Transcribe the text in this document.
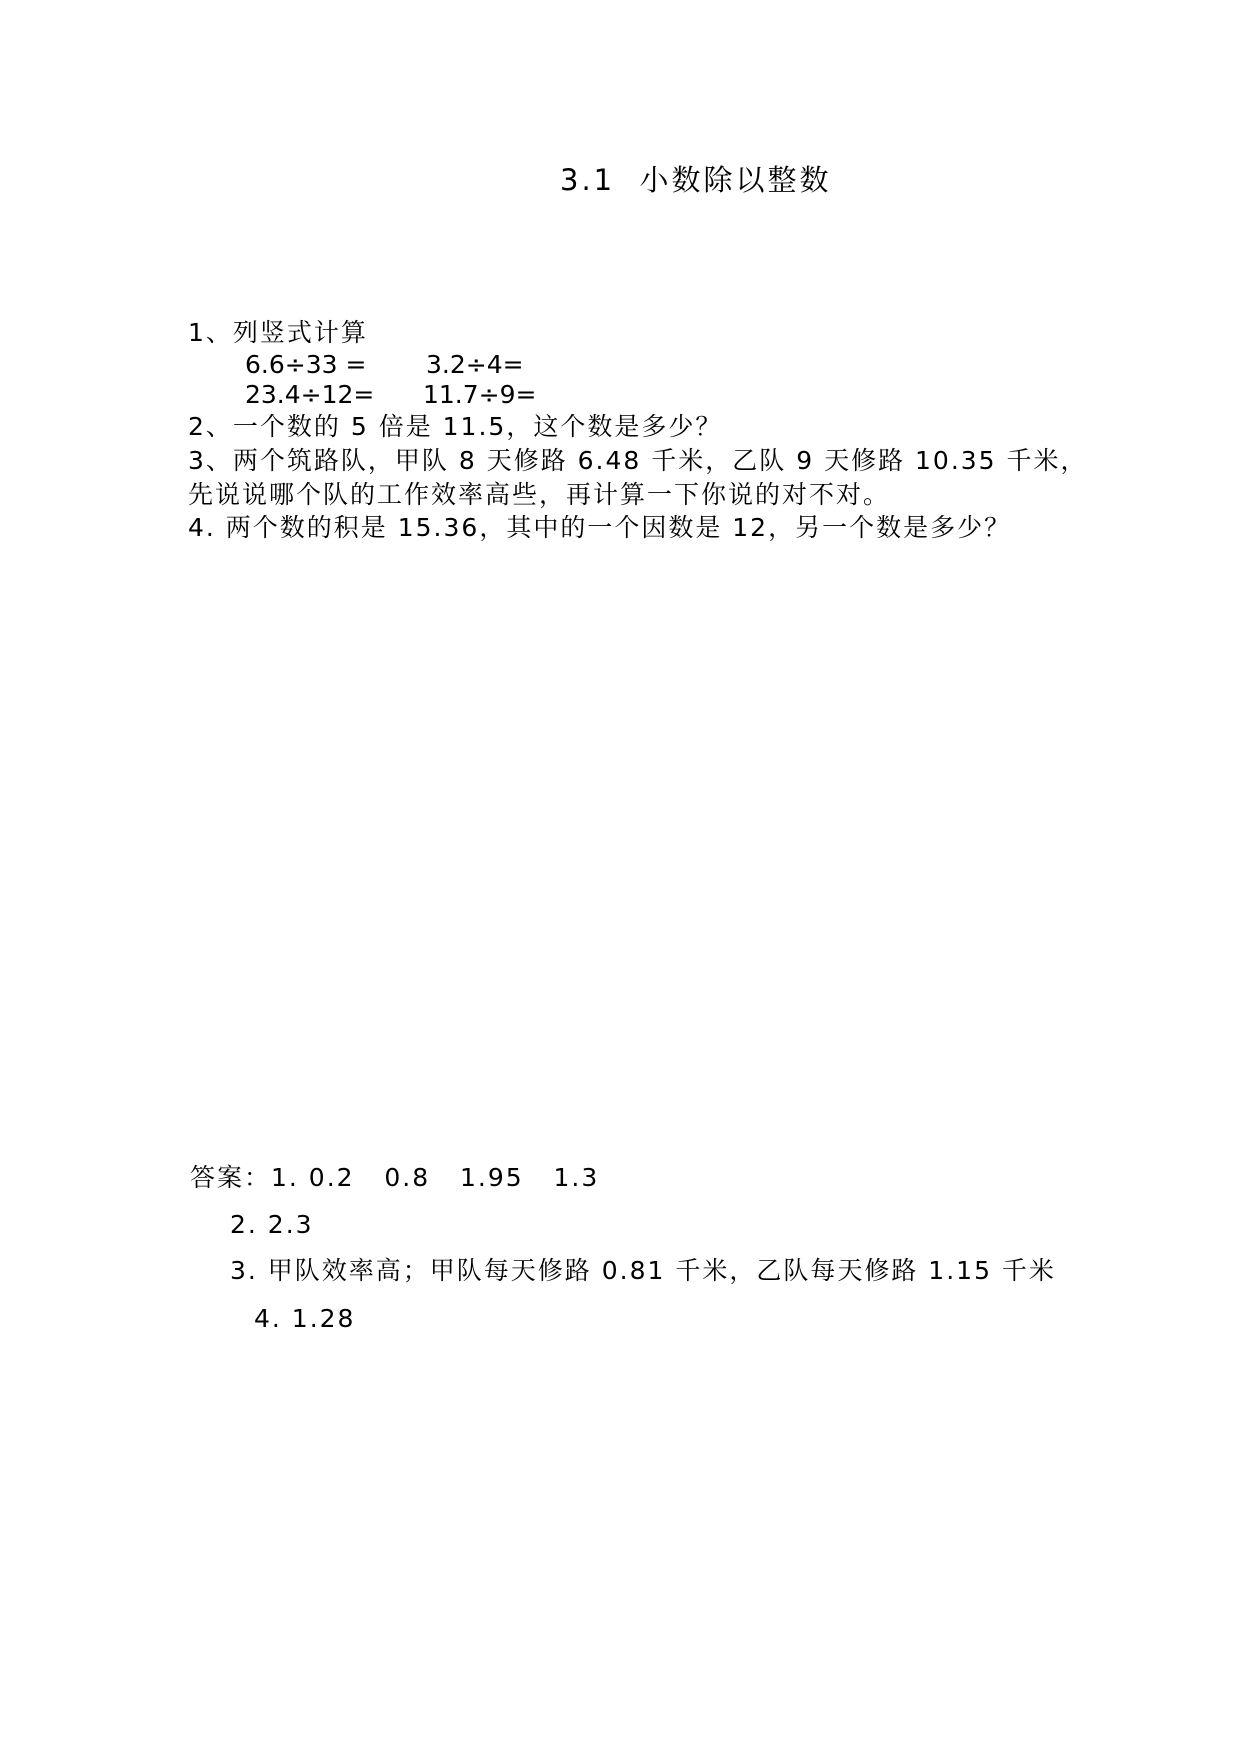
3.1  小数除以整数
1、列竖式计算
6.6÷33 = 3.2÷4=
23.4÷12= 11.7÷9=
2、一个数的 5 倍是 11.5，这个数是多少？
3、两个筑路队，甲队 8 天修路 6.48 千米，乙队 9 天修路 10.35 千米，
先说说哪个队的工作效率高些，再计算一下你说的对不对。
4. 两个数的积是 15.36，其中的一个因数是 12，另一个数是多少？
答案：1. 0.2   0.8   1.95   1.3
2. 2.3
3. 甲队效率高；甲队每天修路 0.81 千米，乙队每天修路 1.15 千米
4. 1.28
